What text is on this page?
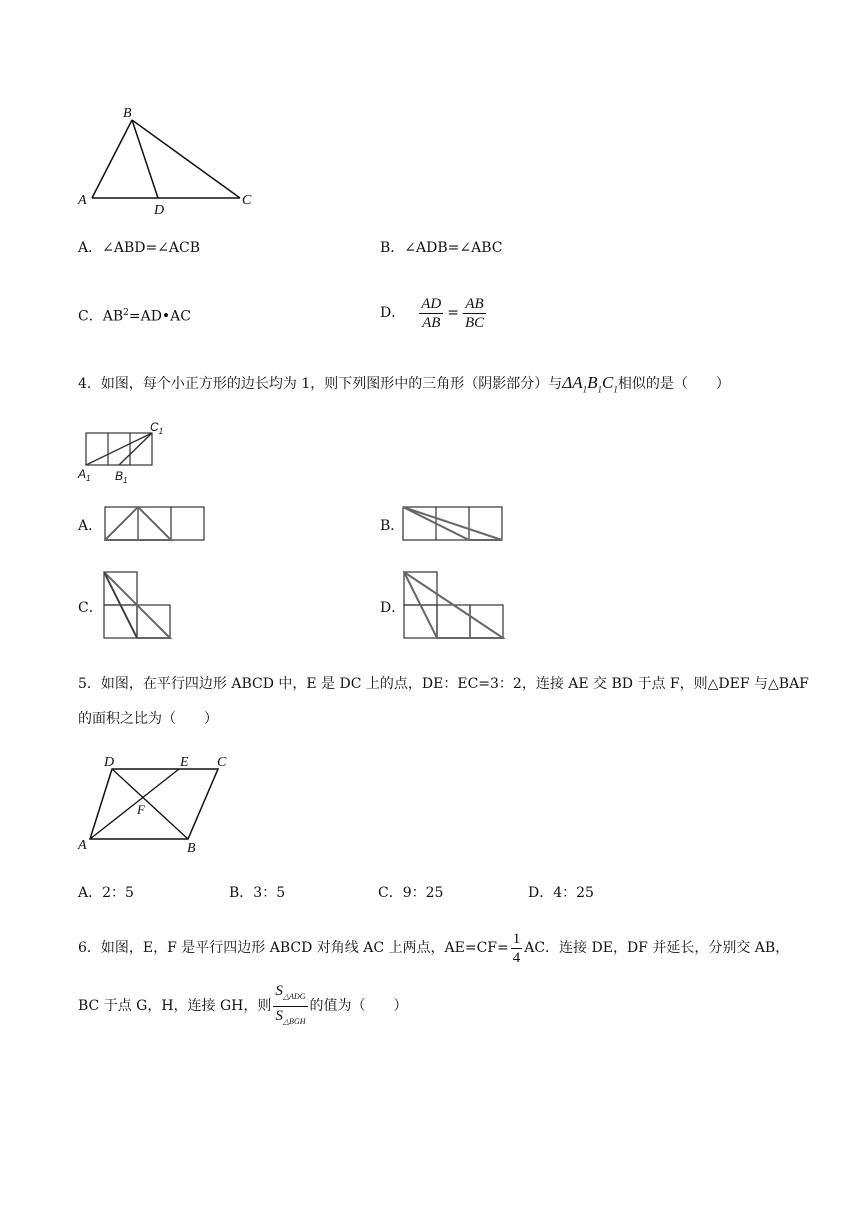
B
A
D
C
A．∠ABD=∠ACB	B．∠ADB=∠ABC
C．$AB^2=AD•AC$	D． $\frac{AD}{AB} = \frac{AB}{BC}$
4．如图，每个小正方形的边长均为 1，则下列图形中的三角形（阴影部分）与$\Delta A_1B_1C_1$相似的是（　　）
$C_1$
$A_1$ $B_1$
A．	B．
C．	D．
5．如图，在平行四边形 ABCD 中，E 是 DC 上的点，DE：EC=3：2，连接 AE 交 BD 于点 F，则△DEF 与△BAF
的面积之比为（　　）
D	E C
F
A	B
A．2：5	B．3：5	C．9：25	D．4：25
6．如图，E，F 是平行四边形 ABCD 对角线 AC 上两点，$AE=CF= \frac{1}{4}$ AC．连接 DE，DF 并延长，分别交 AB，
BC 于点 G，H，连接 GH，则 $\frac{S_{\triangle ADG}}{S_{\triangle BGH}}$ 的值为（　　）
